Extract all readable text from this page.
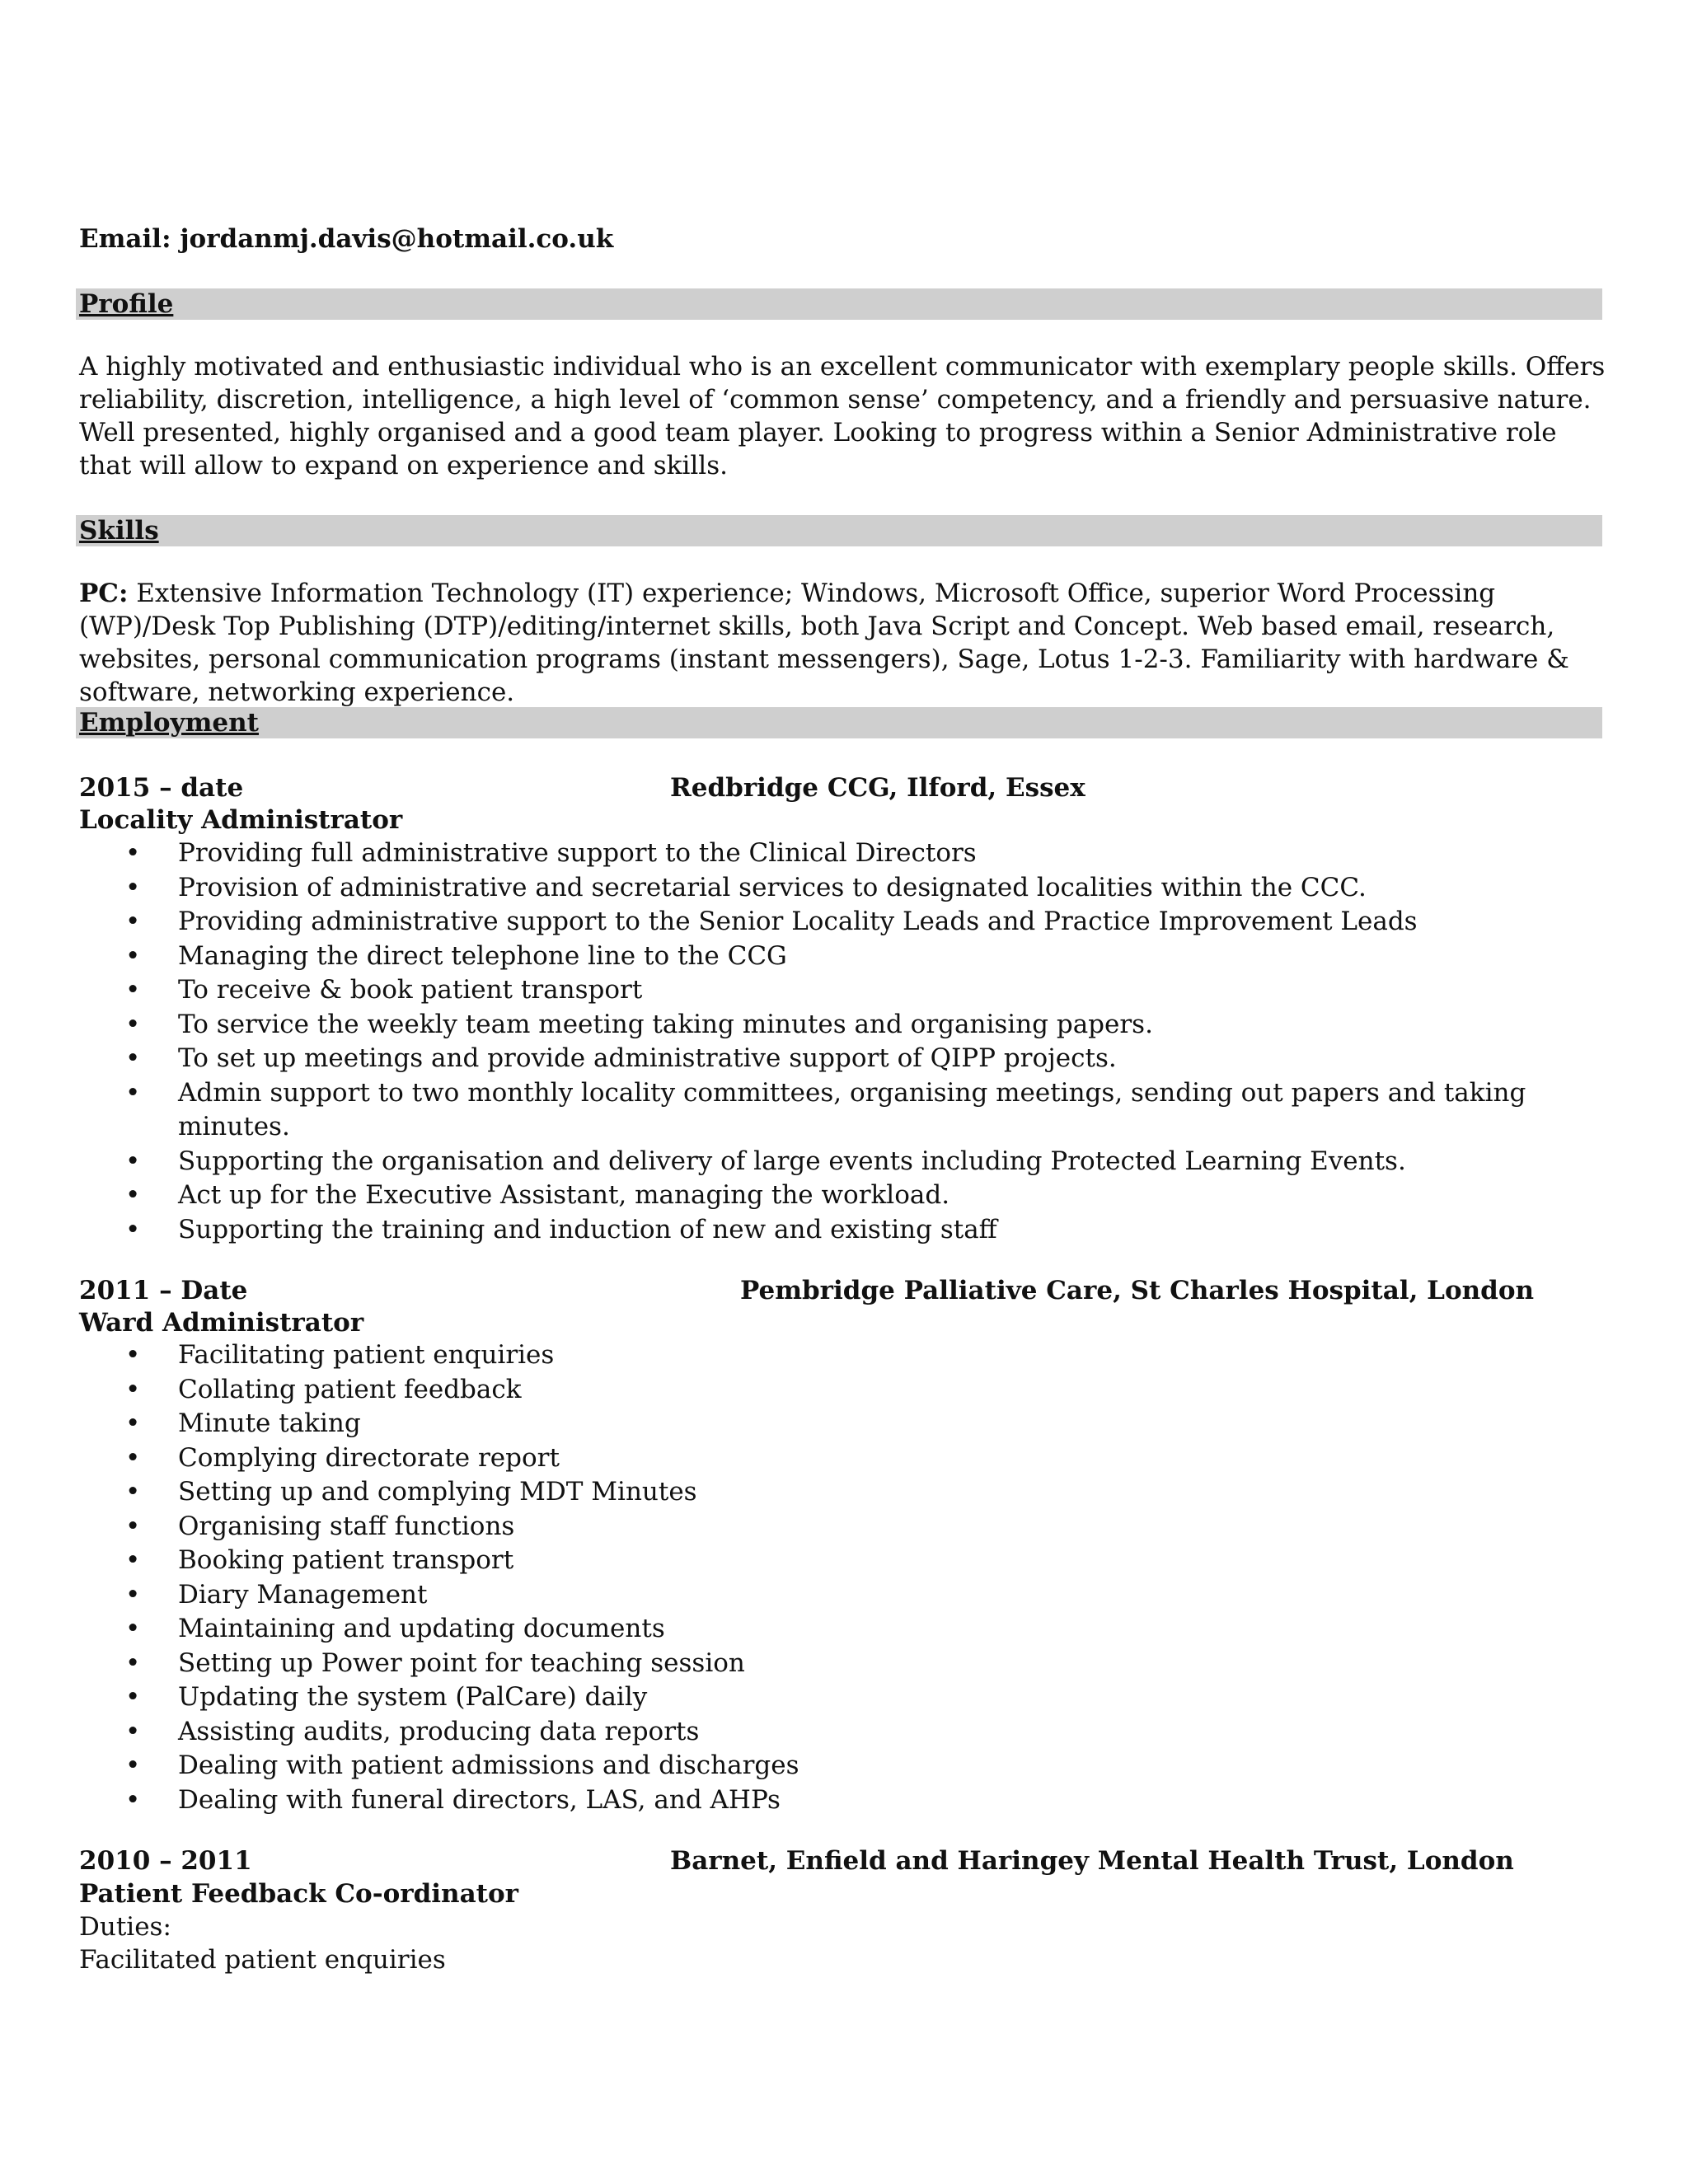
Email: jordanmj.davis@hotmail.co.uk
Profile
A highly motivated and enthusiastic individual who is an excellent communicator with exemplary people skills. Offers reliability, discretion, intelligence, a high level of ‘common sense’ competency, and a friendly and persuasive nature. Well presented, highly organised and a good team player. Looking to progress within a Senior Administrative role that will allow to expand on experience and skills.
Skills
PC: Extensive Information Technology (IT) experience; Windows, Microsoft Office, superior Word Processing (WP)/Desk Top Publishing (DTP)/editing/internet skills, both Java Script and Concept. Web based email, research, websites, personal communication programs (instant messengers), Sage, Lotus 1-2-3. Familiarity with hardware & software, networking experience.
Employment
2015 – date	Redbridge CCG, Ilford, Essex
Locality Administrator
• Providing full administrative support to the Clinical Directors
• Provision of administrative and secretarial services to designated localities within the CCC.
• Providing administrative support to the Senior Locality Leads and Practice Improvement Leads
• Managing the direct telephone line to the CCG
• To receive & book patient transport
• To service the weekly team meeting taking minutes and organising papers.
• To set up meetings and provide administrative support of QIPP projects.
• Admin support to two monthly locality committees, organising meetings, sending out papers and taking minutes.
• Supporting the organisation and delivery of large events including Protected Learning Events.
• Act up for the Executive Assistant, managing the workload.
• Supporting the training and induction of new and existing staff
2011 – Date	Pembridge Palliative Care, St Charles Hospital, London
Ward Administrator
• Facilitating patient enquiries
• Collating patient feedback
• Minute taking
• Complying directorate report
• Setting up and complying MDT Minutes
• Organising staff functions
• Booking patient transport
• Diary Management
• Maintaining and updating documents
• Setting up Power point for teaching session
• Updating the system (PalCare) daily
• Assisting audits, producing data reports
• Dealing with patient admissions and discharges
• Dealing with funeral directors, LAS, and AHPs
2010 – 2011	Barnet, Enfield and Haringey Mental Health Trust, London
Patient Feedback Co-ordinator
Duties:
Facilitated patient enquiries
